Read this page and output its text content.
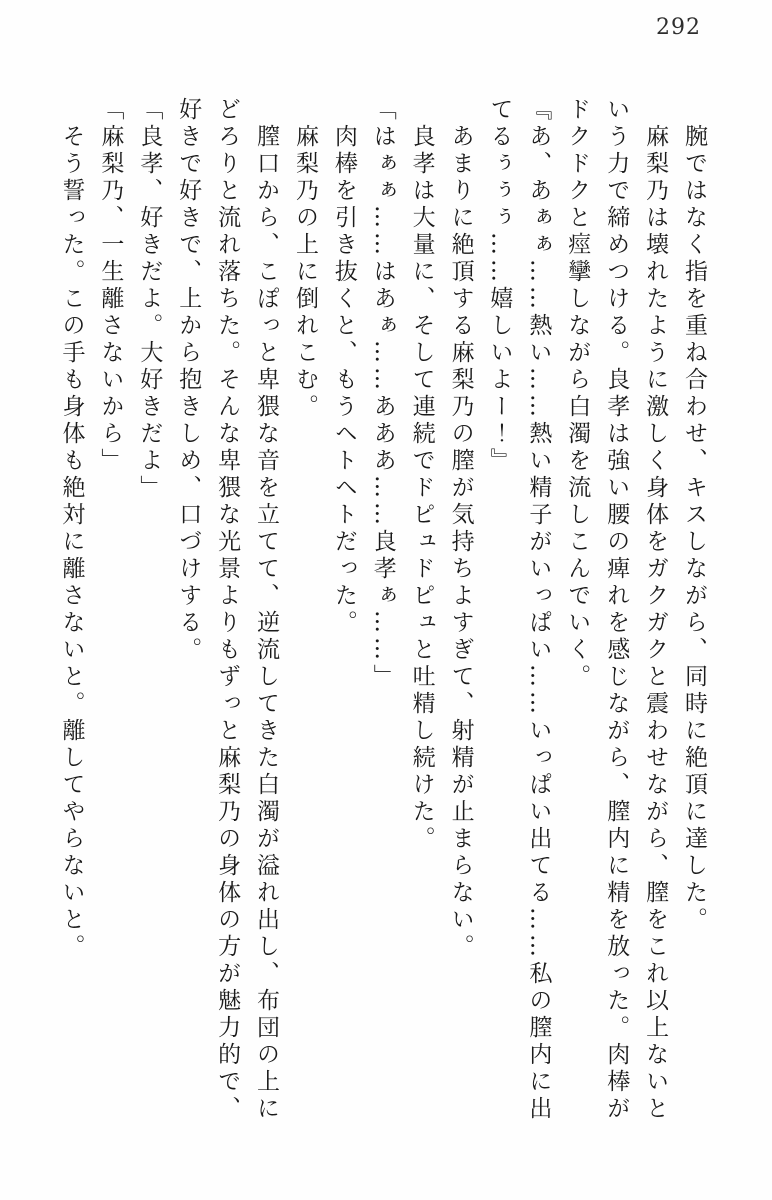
292
　腕ではなく指を重ね合わせ、キスしながら、同時に絶頂に達した。
　麻梨乃は壊れたように激しく身体をガクガクと震わせながら、膣をこれ以上ないと
いう力で締めつける。良孝は強い腰の痺れを感じながら、膣内に精を放った。肉棒が
ドクドクと痙攣しながら白濁を流しこんでいく。
『あ、あぁぁ……熱い……熱い精子がいっぱい……いっぱい出てる……私の膣内に出
てるぅぅぅ……嬉しいよー！』
　あまりに絶頂する麻梨乃の膣が気持ちよすぎて、射精が止まらない。
　良孝は大量に、そして連続でドピュドピュと吐精し続けた。
「はぁぁ……はあぁ……あああ……良孝ぁ……」
　肉棒を引き抜くと、もうヘトヘトだった。
　麻梨乃の上に倒れこむ。
　膣口から、こぽっと卑猥な音を立てて、逆流してきた白濁が溢れ出し、布団の上に
どろりと流れ落ちた。そんな卑猥な光景よりもずっと麻梨乃の身体の方が魅力的で、
好きで好きで、上から抱きしめ、口づけする。
「良孝、好きだよ。大好きだよ」
「麻梨乃、一生離さないから」
　そう誓った。この手も身体も絶対に離さないと。離してやらないと。
